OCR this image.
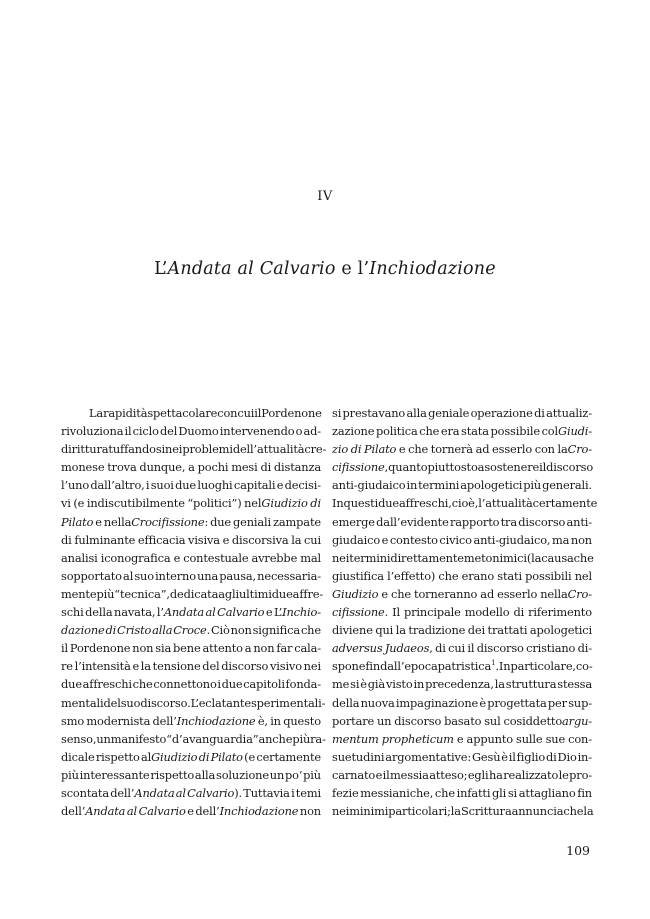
IV
L’Andata al Calvario e l’Inchiodazione
La rapidità spettacolare con cui il Pordenone
rivoluziona il ciclo del Duomo intervenendo o ad-
dirittura tuffandosi nei problemi dell’attualità cre-
monese trova dunque, a pochi mesi di distanza
l’uno dall’altro, i suoi due luoghi capitali e decisi-
vi (e indiscutibilmente “politici”) nelGiudizio di
Pilato e nellaCrocifissione: due geniali zampate
di fulminante efficacia visiva e discorsiva la cui
analisi iconografica e contestuale avrebbe mal
sopportato al suo interno una pausa, necessaria-
mente più “tecnica”, dedicata agli ultimi due affre-
schi della navata, l’Andata al Calvario e L’Inchio-
dazione di Cristo alla Croce. Ciò non significa che
il Pordenone non sia bene attento a non far cala-
re l’intensità e la tensione del discorso visivo nei
due affreschi che connettono i due capitoli fonda-
mentali del suo discorso. L’eclatante sperimentali-
smo modernista dell’Inchiodazione è, in questo
senso, un manifesto “d’avanguardia” anche più ra-
dicale rispetto alGiudizio di Pilato (e certamente
più interessante rispetto alla soluzione un po’ più
scontata dell’Andata al Calvario). Tuttavia i temi
dell’Andata al Calvario e dell’Inchiodazione non
si prestavano alla geniale operazione di attualiz-
zazione politica che era stata possibile colGiudi-
zio di Pilato e che tornerà ad esserlo con laCro-
cifissione, quanto piuttosto a sostenere il discorso
anti-giudaico in termini apologetici più generali.
In questi due affreschi, cioè, l’attualità certamente
emerge dall’evidente rapporto tra discorso anti-
giudaico e contesto civico anti-giudaico, ma non
nei termini direttamente metonimici (la causa che
giustifica l’effetto) che erano stati possibili nel
Giudizio e che torneranno ad esserlo nellaCro-
cifissione. Il principale modello di riferimento
diviene qui la tradizione dei trattati apologetici
adversus Judaeos, di cui il discorso cristiano di-
spone fin dall’epoca patristica$^1$. In particolare, co-
me si è già visto in precedenza, la struttura stessa
della nuova impaginazione è progettata per sup-
portare un discorso basato sul cosiddettoargu-
mentum propheticum e appunto sulle sue con-
suetudini argomentative: Gesù è il figlio di Dio in-
carnato e il messia atteso; egli ha realizzato le pro-
fezie messianiche, che infatti gli si attagliano fin
nei minimi particolari; la Scrittura annuncia che la
109
